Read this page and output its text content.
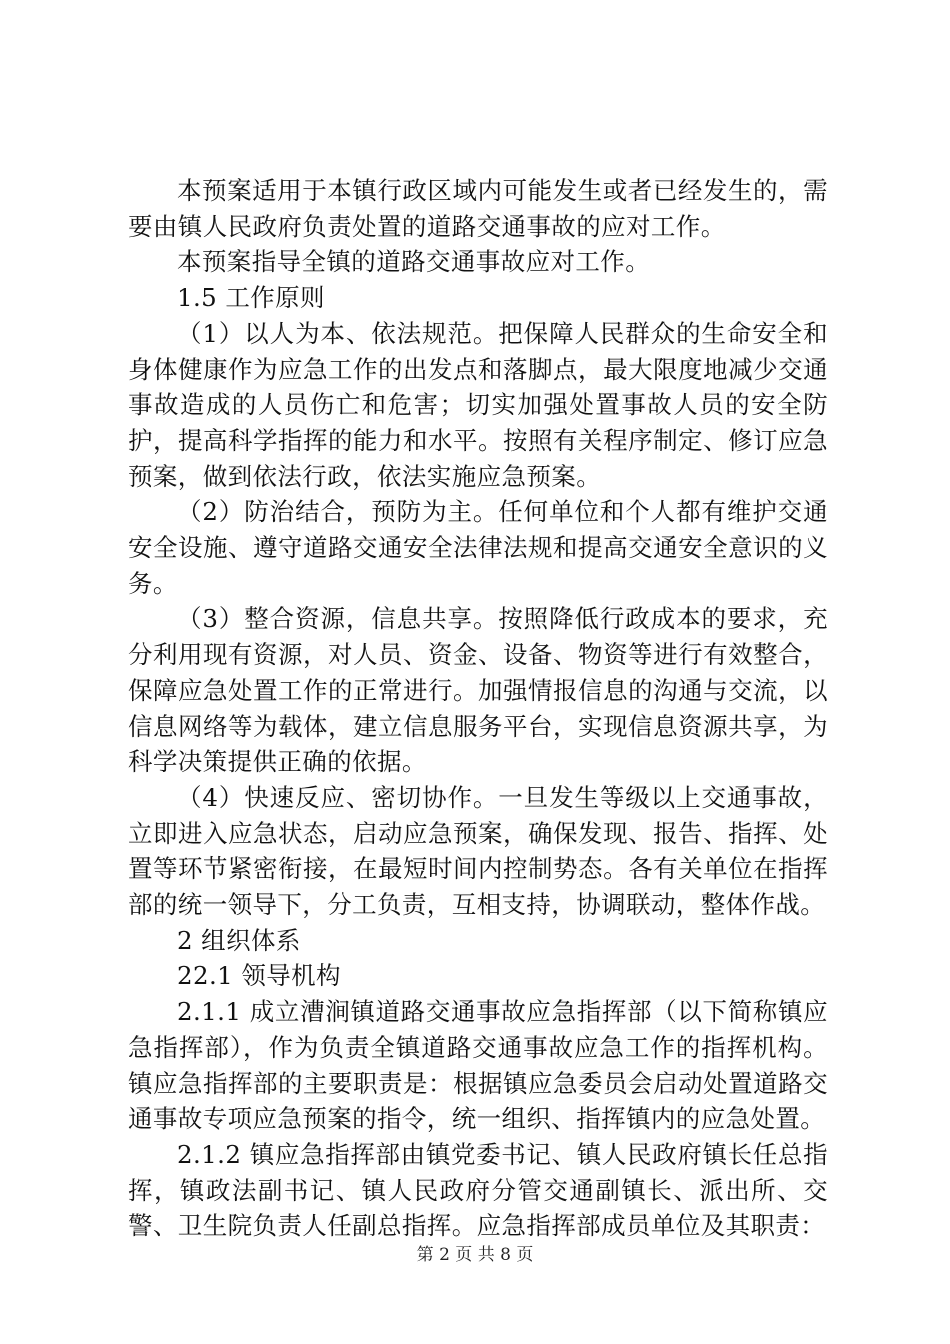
本预案适用于本镇行政区域内可能发生或者已经发生的，需要由镇人民政府负责处置的道路交通事故的应对工作。

本预案指导全镇的道路交通事故应对工作。

1.5 工作原则

（1）以人为本、依法规范。把保障人民群众的生命安全和身体健康作为应急工作的出发点和落脚点，最大限度地减少交通事故造成的人员伤亡和危害；切实加强处置事故人员的安全防护，提高科学指挥的能力和水平。按照有关程序制定、修订应急预案，做到依法行政，依法实施应急预案。

（2）防治结合，预防为主。任何单位和个人都有维护交通安全设施、遵守道路交通安全法律法规和提高交通安全意识的义务。

（3）整合资源，信息共享。按照降低行政成本的要求，充分利用现有资源，对人员、资金、设备、物资等进行有效整合，保障应急处置工作的正常进行。加强情报信息的沟通与交流，以信息网络等为载体，建立信息服务平台，实现信息资源共享，为科学决策提供正确的依据。

（4）快速反应、密切协作。一旦发生等级以上交通事故，立即进入应急状态，启动应急预案，确保发现、报告、指挥、处置等环节紧密衔接，在最短时间内控制势态。各有关单位在指挥部的统一领导下，分工负责，互相支持，协调联动，整体作战。

2 组织体系

22.1 领导机构

2.1.1 成立漕涧镇道路交通事故应急指挥部（以下简称镇应急指挥部），作为负责全镇道路交通事故应急工作的指挥机构。镇应急指挥部的主要职责是：根据镇应急委员会启动处置道路交通事故专项应急预案的指令，统一组织、指挥镇内的应急处置。

2.1.2 镇应急指挥部由镇党委书记、镇人民政府镇长任总指挥，镇政法副书记、镇人民政府分管交通副镇长、派出所、交警、卫生院负责人任副总指挥。应急指挥部成员单位及其职责：

第 2 页 共 8 页
